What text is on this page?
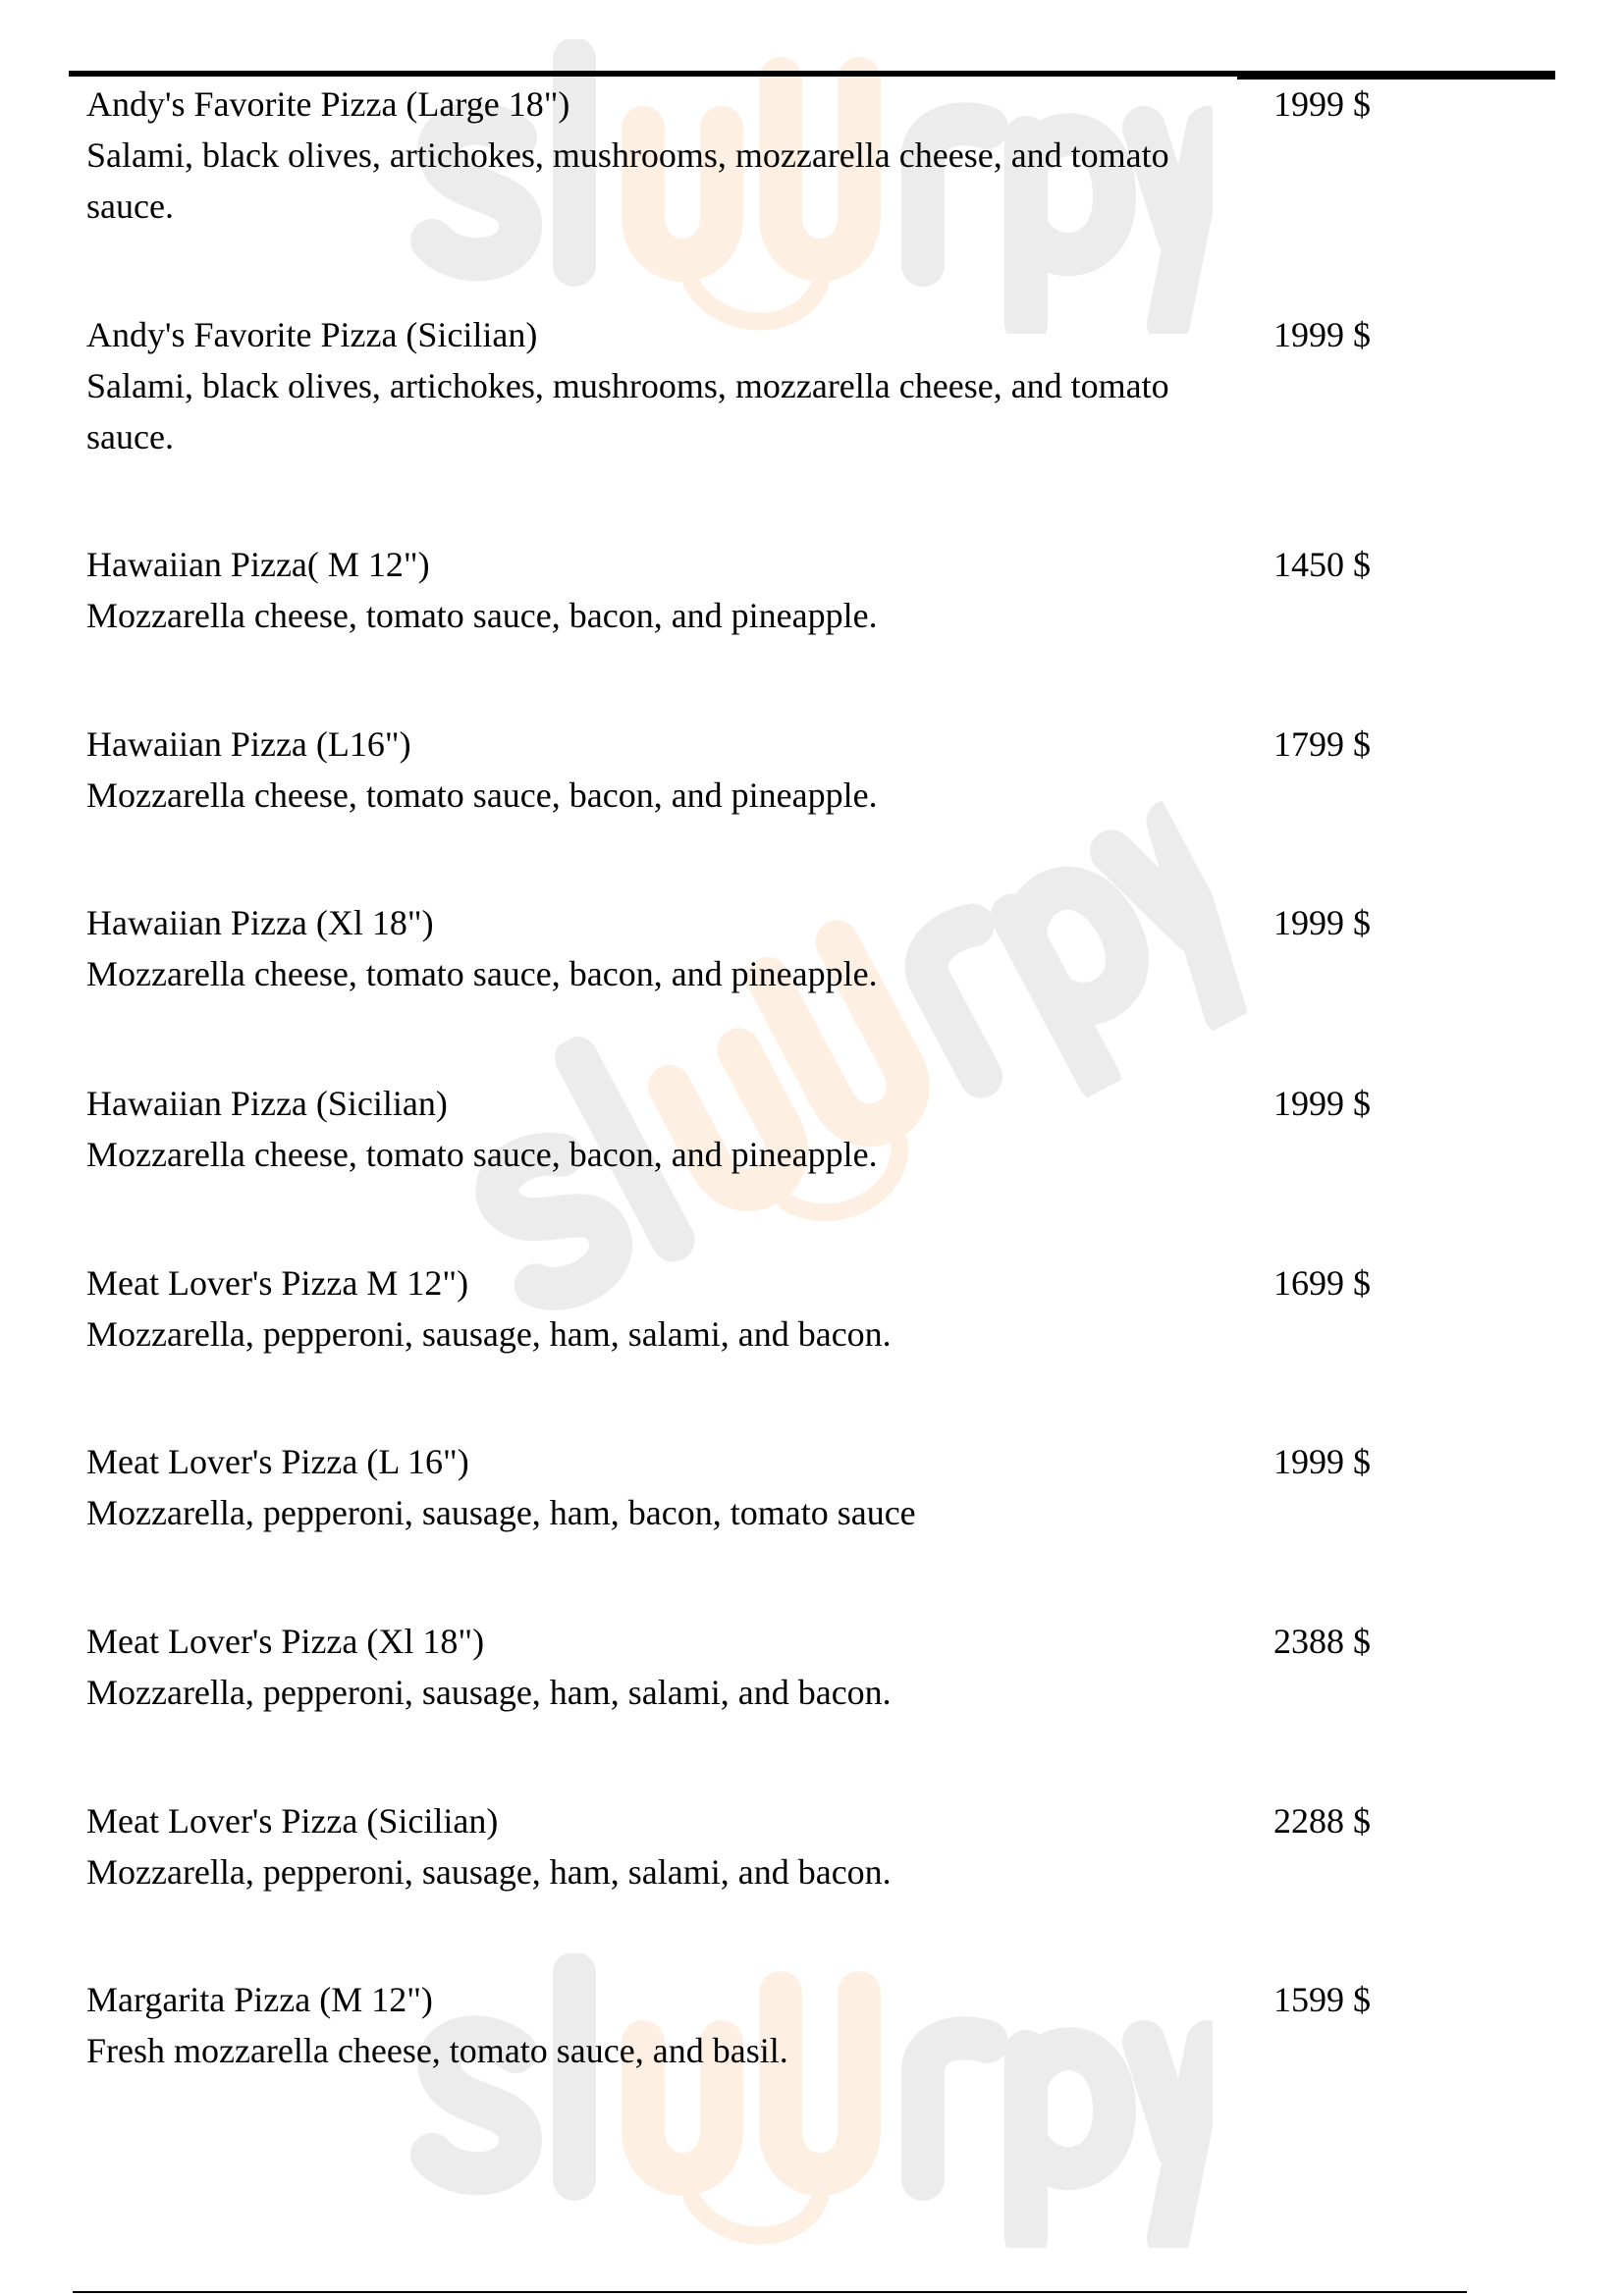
Andy's Favorite Pizza (Large 18")
Salami, black olives, artichokes, mushrooms, mozzarella cheese, and tomato sauce.
1999 $
Andy's Favorite Pizza (Sicilian)
Salami, black olives, artichokes, mushrooms, mozzarella cheese, and tomato sauce.
1999 $
Hawaiian Pizza( M 12")
Mozzarella cheese, tomato sauce, bacon, and pineapple.
1450 $
Hawaiian Pizza (L16")
Mozzarella cheese, tomato sauce, bacon, and pineapple.
1799 $
Hawaiian Pizza (Xl 18")
Mozzarella cheese, tomato sauce, bacon, and pineapple.
1999 $
Hawaiian Pizza (Sicilian)
Mozzarella cheese, tomato sauce, bacon, and pineapple.
1999 $
Meat Lover's Pizza M 12")
Mozzarella, pepperoni, sausage, ham, salami, and bacon.
1699 $
Meat Lover's Pizza (L 16")
Mozzarella, pepperoni, sausage, ham, bacon, tomato sauce
1999 $
Meat Lover's Pizza (Xl 18")
Mozzarella, pepperoni, sausage, ham, salami, and bacon.
2388 $
Meat Lover's Pizza (Sicilian)
Mozzarella, pepperoni, sausage, ham, salami, and bacon.
2288 $
Margarita Pizza (M 12")
Fresh mozzarella cheese, tomato sauce, and basil.
1599 $
